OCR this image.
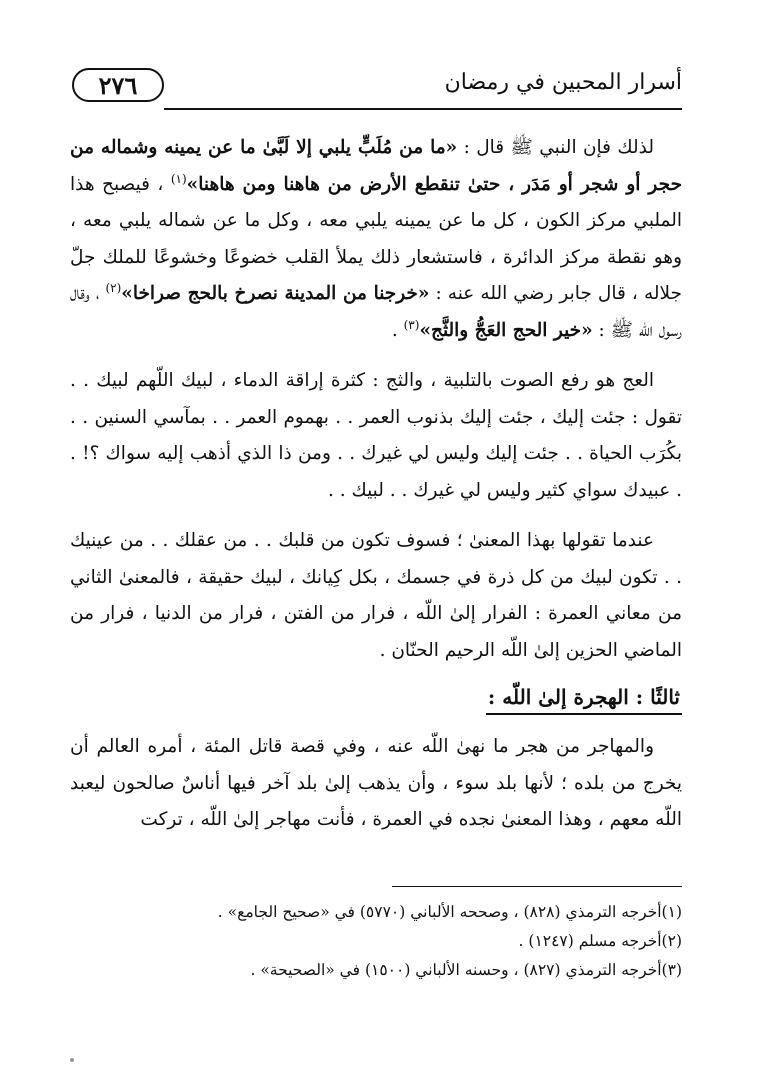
٢٧٦	أسرار المحبين في رمضان

لذلك فإن النبي ﷺ قال : «ما من مُلَبٍّ يلبي إلا لَبَّىٰ ما عن يمينه وشماله من حجر أو شجر أو مَدَر ، حتىٰ تنقطع الأرض من هاهنا ومن هاهنا»$^{(١)}$ ، فيصبح هذا الملبي مركز الكون ، كل ما عن يمينه يلبي معه ، وكل ما عن شماله يلبي معه ، وهو نقطة مركز الدائرة ، فاستشعار ذلك يملأ القلب خضوعًا وخشوعًا للملك جلّ جلاله ، قال جابر رضي الله عنه : «خرجنا من المدينة نصرخ بالحج صراخا»$^{(٢)}$ ، وقال رسول الله ﷺ : «خير الحج العَجُّ والثَّج»$^{(٣)}$ .

العج هو رفع الصوت بالتلبية ، والثج : كثرة إراقة الدماء ، لبيك اللّهم لبيك . . تقول : جئت إليك ، جئت إليك بذنوب العمر . . بهموم العمر . . بمآسي السنين . . بكُرَب الحياة . . جئت إليك وليس لي غيرك . . ومن ذا الذي أذهب إليه سواك ؟! . . عبيدك سواي كثير وليس لي غيرك . . لبيك . .

عندما تقولها بهذا المعنىٰ ؛ فسوف تكون من قلبك . . من عقلك . . من عينيك . . تكون لبيك من كل ذرة في جسمك ، بكل كِيانك ، لبيك حقيقة ، فالمعنىٰ الثاني من معاني العمرة : الفرار إلىٰ اللّه ، فرار من الفتن ، فرار من الدنيا ، فرار من الماضي الحزين إلىٰ اللّه الرحيم الحنّان .

ثالثًا : الهجرة إلىٰ اللّه :

والمهاجر من هجر ما نهىٰ اللّه عنه ، وفي قصة قاتل المئة ، أمره العالم أن يخرج من بلده ؛ لأنها بلد سوء ، وأن يذهب إلىٰ بلد آخر فيها أناسٌ صالحون ليعبد اللّه معهم ، وهذا المعنىٰ نجده في العمرة ، فأنت مهاجر إلىٰ اللّه ، تركت

(١)أخرجه الترمذي (٨٢٨) ، وصححه الألباني (٥٧٧٠) في «صحيح الجامع» .

(٢)أخرجه مسلم (١٢٤٧) .

(٣)أخرجه الترمذي (٨٢٧) ، وحسنه الألباني (١٥٠٠) في «الصحيحة» .
